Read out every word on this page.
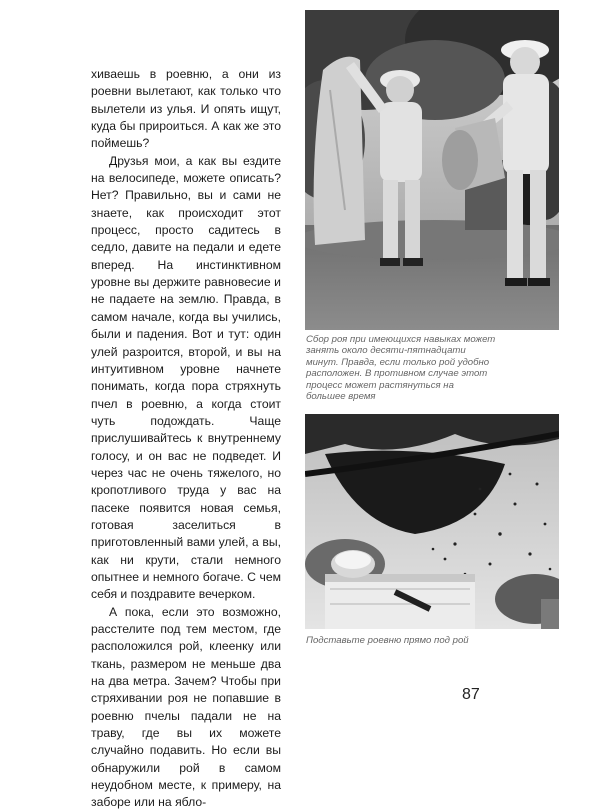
хиваешь в роевню, а они из роевни вылетают, как только что вылетели из улья. И опять ищут, куда бы прироиться. А как же это поймешь?

Друзья мои, а как вы ездите на велосипеде, можете описать? Нет? Правильно, вы и сами не знаете, как происходит этот процесс, просто садитесь в седло, давите на педали и едете вперед. На инстинктивном уровне вы держите равновесие и не падаете на землю. Правда, в самом начале, когда вы учились, были и падения. Вот и тут: один улей разроится, второй, и вы на интуитивном уровне начнете понимать, когда пора стряхнуть пчел в роевню, а когда стоит чуть подождать. Чаще прислушивайтесь к внутреннему голосу, и он вас не подведет. И через час не очень тяжелого, но кропотливого труда у вас на пасеке появится новая семья, готовая заселиться в приготовленный вами улей, а вы, как ни крути, стали немного опытнее и немного богаче. С чем себя и поздравите вечерком.

А пока, если это возможно, расстелите под тем местом, где расположился рой, клеенку или ткань, размером не меньше два на два метра. Зачем? Чтобы при стряхивании роя не попавшие в роевню пчелы падали не на траву, где вы их можете случайно подавить. Но если вы обнаружили рой в самом неудобном месте, к примеру, на заборе или на ябло-

Сбор роя при имеющихся навыках может занять около десяти-пятнадцати минут. Правда, если только рой удобно расположен. В противном случае этот процесс может растянуться на большее время
Подставьте роевню прямо под рой
87
